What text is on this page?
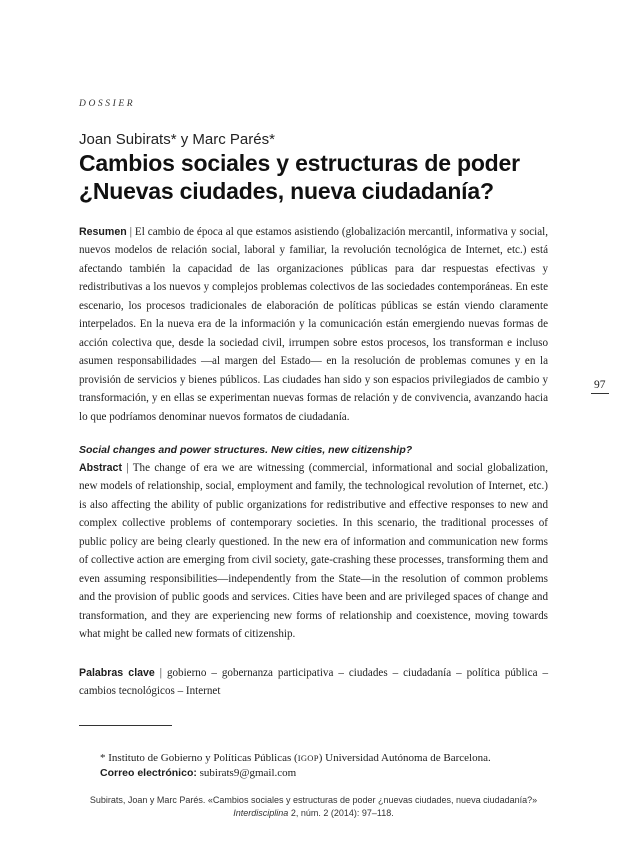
DOSSIER
Joan Subirats* y Marc Parés*
Cambios sociales y estructuras de poder
¿Nuevas ciudades, nueva ciudadanía?

Resumen | El cambio de época al que estamos asistiendo (globalización mercantil, informativa y social, nuevos modelos de relación social, laboral y familiar, la revolución tecnológica de Internet, etc.) está afectando también la capacidad de las organizaciones públicas para dar respuestas efectivas y redistributivas a los nuevos y complejos problemas colectivos de las sociedades contemporáneas. En este escenario, los procesos tradicionales de elaboración de políticas públicas se están viendo claramente interpelados. En la nueva era de la información y la comunicación están emergiendo nuevas formas de acción colectiva que, desde la sociedad civil, irrumpen sobre estos procesos, los transforman e incluso asumen responsabilidades —al margen del Estado— en la resolución de problemas comunes y en la provisión de servicios y bienes públicos. Las ciudades han sido y son espacios privilegiados de cambio y transformación, y en ellas se experimentan nuevas formas de relación y de convivencia, avanzando hacia lo que podríamos denominar nuevos formatos de ciudadanía.

Social changes and power structures. New cities, new citizenship?

Abstract | The change of era we are witnessing (commercial, informational and social globalization, new models of relationship, social, employment and family, the technological revolution of Internet, etc.) is also affecting the ability of public organizations for redistributive and effective responses to new and complex collective problems of contemporary societies. In this scenario, the traditional processes of public policy are being clearly questioned. In the new era of information and communication new forms of collective action are emerging from civil society, gate-crashing these processes, transforming them and even assuming responsibilities—independently from the State—in the resolution of common problems and the provision of public goods and services. Cities have been and are privileged spaces of change and transformation, and they are experiencing new forms of relationship and coexistence, moving towards what might be called new formats of citizenship.

Palabras clave | gobierno – gobernanza participativa – ciudades – ciudadanía – política pública – cambios tecnológicos – Internet

97
* Instituto de Gobierno y Políticas Públicas (IGOP) Universidad Autónoma de Barcelona.
Correo electrónico: subirats9@gmail.com
Subirats, Joan y Marc Parés. «Cambios sociales y estructuras de poder ¿nuevas ciudades, nueva ciudadanía?»
Interdisciplina 2, núm. 2 (2014): 97–118.
